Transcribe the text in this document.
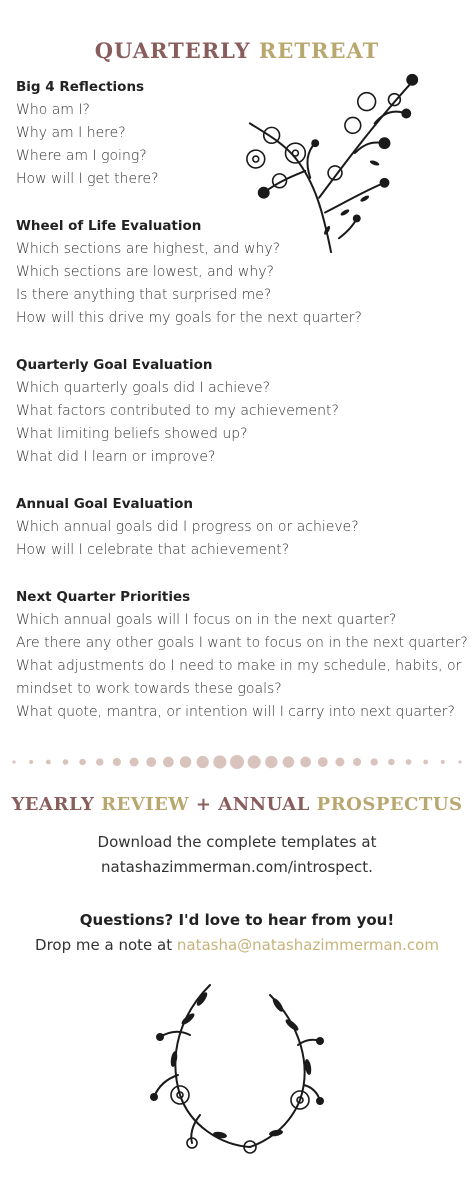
QUARTERLY RETREAT
Big 4 Reflections
Who am I?
Why am I here?
Where am I going?
How will I get there?
Wheel of Life Evaluation
Which sections are highest, and why?
Which sections are lowest, and why?
Is there anything that surprised me?
How will this drive my goals for the next quarter?
Quarterly Goal Evaluation
Which quarterly goals did I achieve?
What factors contributed to my achievement?
What limiting beliefs showed up?
What did I learn or improve?
Annual Goal Evaluation
Which annual goals did I progress on or achieve?
How will I celebrate that achievement?
Next Quarter Priorities
Which annual goals will I focus on in the next quarter?
Are there any other goals I want to focus on in the next quarter?
What adjustments do I need to make in my schedule, habits, or mindset to work towards these goals?
What quote, mantra, or intention will I carry into next quarter?
YEARLY REVIEW + ANNUAL PROSPECTUS
Download the complete templates at
natashazimmerman.com/introspect.
Questions? I'd love to hear from you!
Drop me a note at natasha@natashazimmerman.com
